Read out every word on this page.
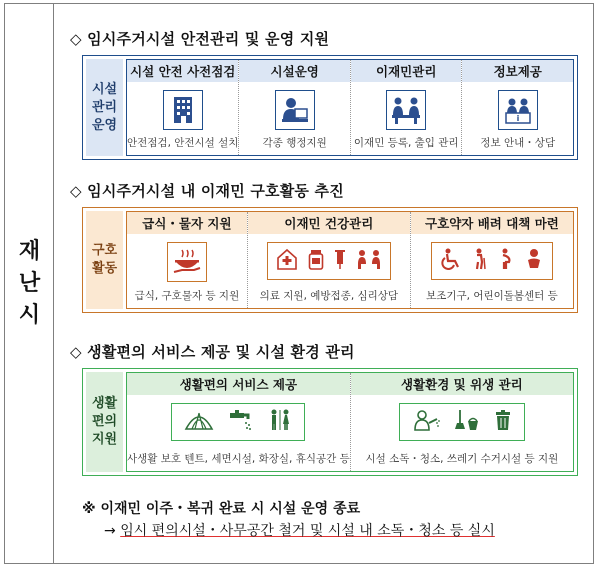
재
난
시
◇ 임시주거시설 안전관리 및 운영 지원
시설
관리
운영
시설 안전 사전점검
안전점검, 안전시설 설치
시설운영
각종 행정지원
이재민관리
이재민 등록, 출입 관리
정보제공
i
정보 안내・상담
◇ 임시주거시설 내 이재민 구호활동 추진
구호
활동
급식・물자 지원
급식, 구호물자 등 지원
이재민 건강관리
의료 지원, 예방접종, 심리상담
구호약자 배려 대책 마련
보조기구, 어린이돌봄센터 등
◇ 생활편의 서비스 제공 및 시설 환경 관리
생활
편의
지원
생활편의 서비스 제공
사생활 보호 텐트, 세면시설, 화장실, 휴식공간 등
생활환경 및 위생 관리
시설 소독・청소, 쓰레기 수거시설 등 지원
※ 이재민 이주・복귀 완료 시 시설 운영 종료
→ 임시 편의시설・사무공간 철거 및 시설 내 소독・청소 등 실시
